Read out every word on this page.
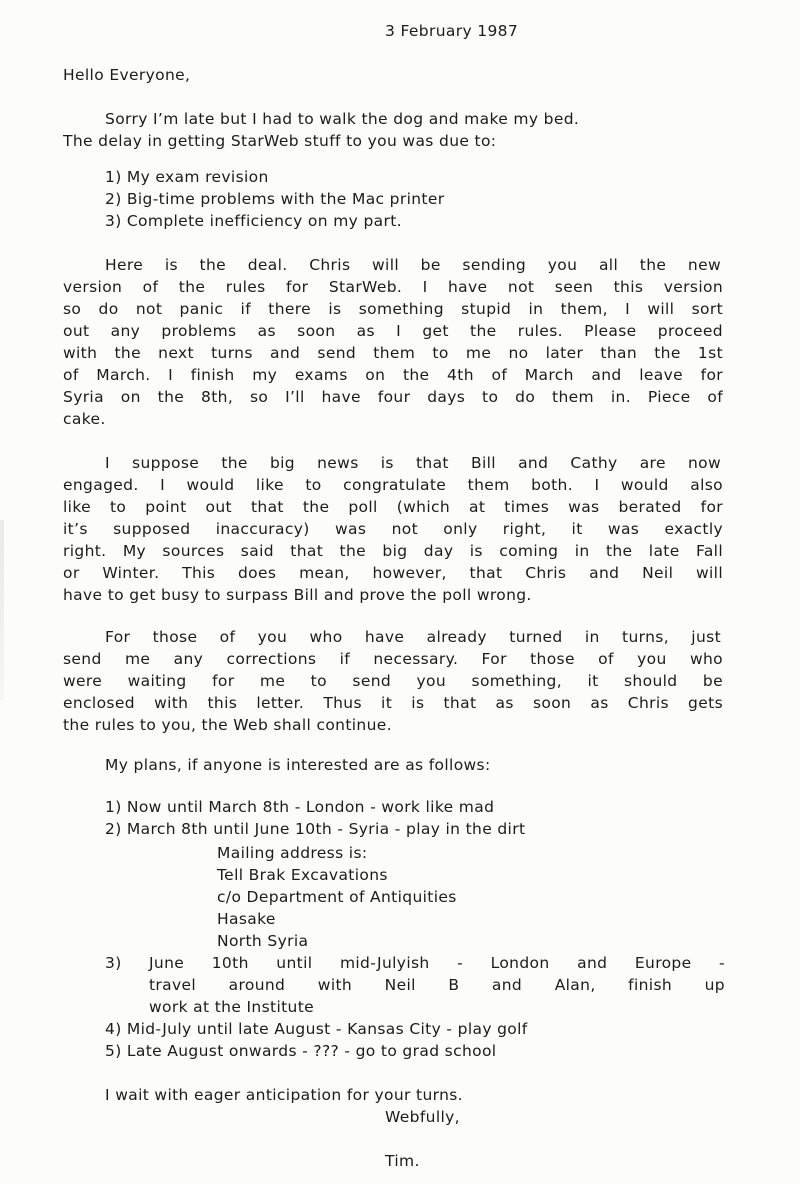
3 February 1987
Hello Everyone,
Sorry I’m late but I had to walk the dog and make my bed.
The delay in getting StarWeb stuff to you was due to:
1) My exam revision
2) Big-time problems with the Mac printer
3) Complete inefficiency on my part.
Here is the deal. Chris will be sending you all the new
version of the rules for StarWeb. I have not seen this version
so do not panic if there is something stupid in them, I will sort
out any problems as soon as I get the rules. Please proceed
with the next turns and send them to me no later than the 1st
of March. I finish my exams on the 4th of March and leave for
Syria on the 8th, so I’ll have four days to do them in. Piece of
cake.
I suppose the big news is that Bill and Cathy are now
engaged. I would like to congratulate them both. I would also
like to point out that the poll (which at times was berated for
it’s supposed inaccuracy) was not only right, it was exactly
right. My sources said that the big day is coming in the late Fall
or Winter. This does mean, however, that Chris and Neil will
have to get busy to surpass Bill and prove the poll wrong.
For those of you who have already turned in turns, just
send me any corrections if necessary. For those of you who
were waiting for me to send you something, it should be
enclosed with this letter. Thus it is that as soon as Chris gets
the rules to you, the Web shall continue.
My plans, if anyone is interested are as follows:
1) Now until March 8th - London - work like mad
2) March 8th until June 10th - Syria - play in the dirt
Mailing address is:
Tell Brak Excavations
c/o Department of Antiquities
Hasake
North Syria
3) June 10th until mid-Julyish - London and Europe -
travel around with Neil B and Alan, finish up
work at the Institute
4) Mid-July until late August - Kansas City - play golf
5) Late August onwards - ??? - go to grad school
I wait with eager anticipation for your turns.
Webfully,
Tim.
